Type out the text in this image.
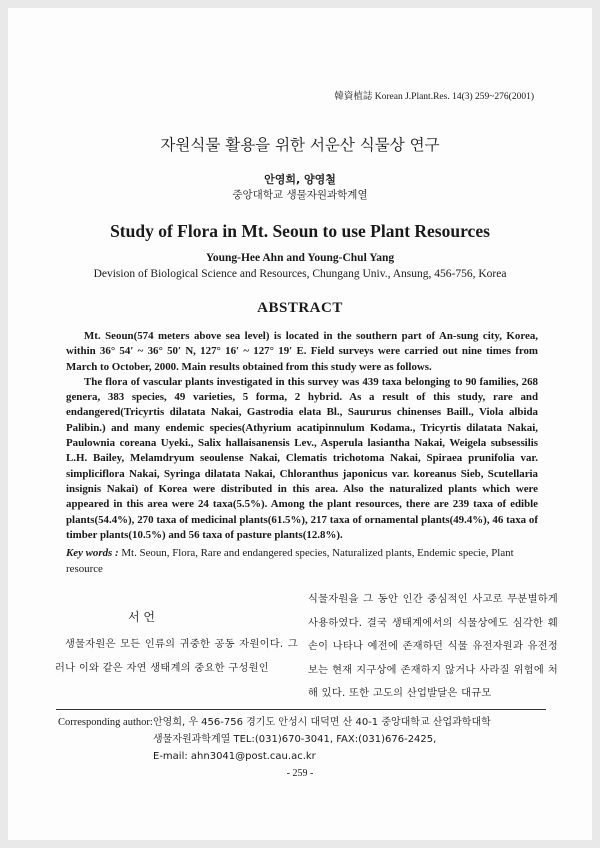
韓資植誌 Korean J.Plant.Res. 14(3) 259~276(2001)
자원식물 활용을 위한 서운산 식물상 연구
안영희, 양영철
중앙대학교 생물자원과학계열
Study of Flora in Mt. Seoun to use Plant Resources
Young-Hee Ahn and Young-Chul Yang
Devision of Biological Science and Resources, Chungang Univ., Ansung, 456-756, Korea
ABSTRACT

Mt. Seoun(574 meters above sea level) is located in the southern part of An-sung city, Korea, within 36° 54′ ~ 36° 50′ N, 127° 16′ ~ 127° 19′ E. Field surveys were carried out nine times from March to October, 2000. Main results obtained from this study were as follows.

The flora of vascular plants investigated in this survey was 439 taxa belonging to 90 families, 268 genera, 383 species, 49 varieties, 5 forma, 2 hybrid. As a result of this study, rare and endangered(Tricyrtis dilatata Nakai, Gastrodia elata Bl., Saururus chinenses Baill., Viola albida Palibin.) and many endemic species(Athyrium acatipinnulum Kodama., Tricyrtis dilatata Nakai, Paulownia coreana Uyeki., Salix hallaisanensis Lev., Asperula lasiantha Nakai, Weigela subsessilis L.H. Bailey, Melamdryum seoulense Nakai, Clematis trichotoma Nakai, Spiraea prunifolia var. simpliciflora Nakai, Syringa dilatata Nakai, Chloranthus japonicus var. koreanus Sieb, Scutellaria insignis Nakai) of Korea were distributed in this area. Also the naturalized plants which were appeared in this area were 24 taxa(5.5%). Among the plant resources, there are 239 taxa of edible plants(54.4%), 270 taxa of medicinal plants(61.5%), 217 taxa of ornamental plants(49.4%), 46 taxa of timber plants(10.5%) and 56 taxa of pasture plants(12.8%).

Key words : Mt. Seoun, Flora, Rare and endangered species, Naturalized plants, Endemic specie, Plant resource
서 언

생물자원은 모든 인류의 귀중한 공동 자원이다. 그러나 이와 같은 자연 생태계의 중요한 구성원인

식물자원을 그 동안 인간 중심적인 사고로 무분별하게 사용하였다. 결국 생태계에서의 식물상에도 심각한 훼손이 나타나 예전에 존재하던 식물 유전자원과 유전정보는 현재 지구상에 존재하지 않거나 사라질 위험에 처해 있다. 또한 고도의 산업발달은 대규모

Corresponding author: 안영희, 우 456-756 경기도 안성시 대덕면 산 40-1 중앙대학교 산업과학대학
생물자원과학계열 TEL:(031)670-3041, FAX:(031)676-2425,
E-mail: ahn3041@post.cau.ac.kr
- 259 -
